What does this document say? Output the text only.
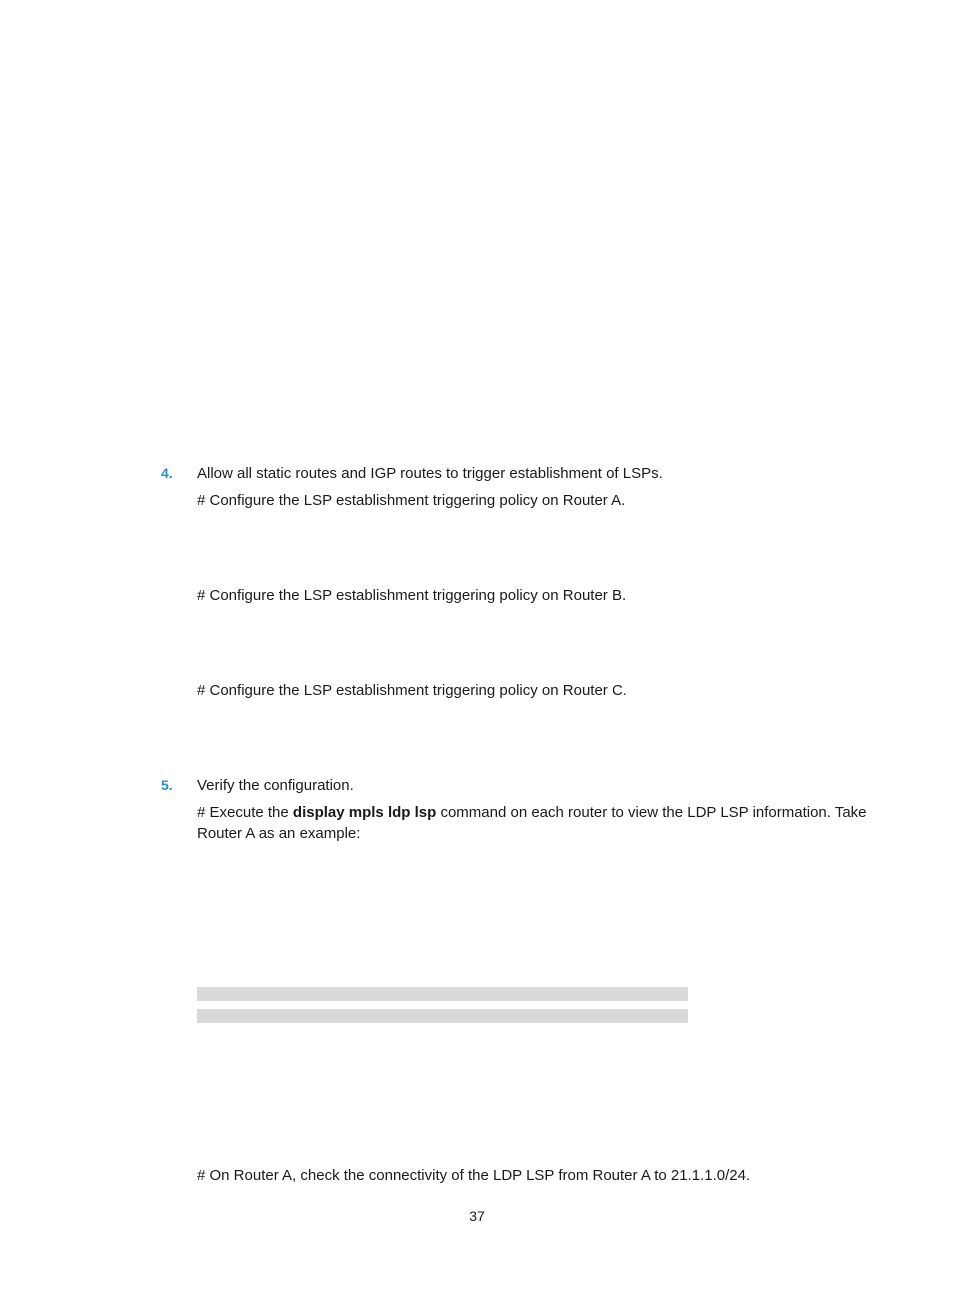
4. Allow all static routes and IGP routes to trigger establishment of LSPs.
# Configure the LSP establishment triggering policy on Router A.
# Configure the LSP establishment triggering policy on Router B.
# Configure the LSP establishment triggering policy on Router C.
5. Verify the configuration.
# Execute the display mpls ldp lsp command on each router to view the LDP LSP information. Take Router A as an example:
# On Router A, check the connectivity of the LDP LSP from Router A to 21.1.1.0/24.
37
